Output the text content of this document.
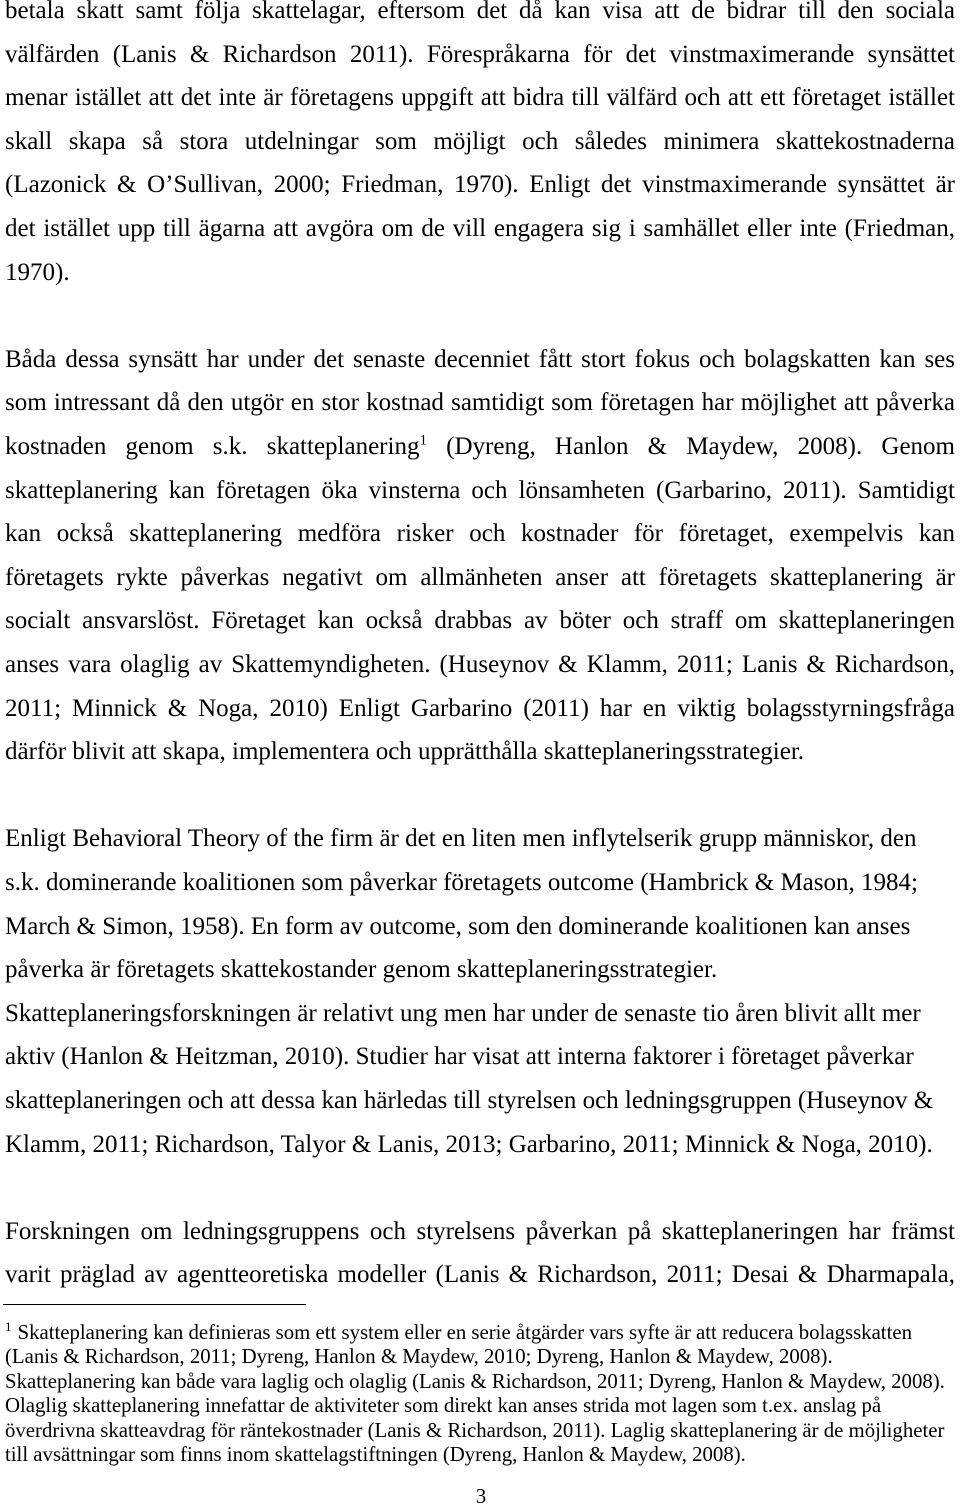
betala skatt samt följa skattelagar, eftersom det då kan visa att de bidrar till den sociala
välfärden (Lanis & Richardson 2011). Förespråkarna för det vinstmaximerande synsättet
menar istället att det inte är företagens uppgift att bidra till välfärd och att ett företaget istället
skall skapa så stora utdelningar som möjligt och således minimera skattekostnaderna
(Lazonick & O’Sullivan, 2000; Friedman, 1970). Enligt det vinstmaximerande synsättet är
det istället upp till ägarna att avgöra om de vill engagera sig i samhället eller inte (Friedman,
1970).
Båda dessa synsätt har under det senaste decenniet fått stort fokus och bolagskatten kan ses
som intressant då den utgör en stor kostnad samtidigt som företagen har möjlighet att påverka
kostnaden genom s.k. skatteplanering$^1$ (Dyreng, Hanlon & Maydew, 2008). Genom
skatteplanering kan företagen öka vinsterna och lönsamheten (Garbarino, 2011). Samtidigt
kan också skatteplanering medföra risker och kostnader för företaget, exempelvis kan
företagets rykte påverkas negativt om allmänheten anser att företagets skatteplanering är
socialt ansvarslöst. Företaget kan också drabbas av böter och straff om skatteplaneringen
anses vara olaglig av Skattemyndigheten. (Huseynov & Klamm, 2011; Lanis & Richardson,
2011; Minnick & Noga, 2010) Enligt Garbarino (2011) har en viktig bolagsstyrningsfråga
därför blivit att skapa, implementera och upprätthålla skatteplaneringsstrategier.
Enligt Behavioral Theory of the firm är det en liten men inflytelserik grupp människor, den
s.k. dominerande koalitionen som påverkar företagets outcome (Hambrick & Mason, 1984;
March & Simon, 1958). En form av outcome, som den dominerande koalitionen kan anses
påverka är företagets skattekostander genom skatteplaneringsstrategier.
Skatteplaneringsforskningen är relativt ung men har under de senaste tio åren blivit allt mer
aktiv (Hanlon & Heitzman, 2010). Studier har visat att interna faktorer i företaget påverkar
skatteplaneringen och att dessa kan härledas till styrelsen och ledningsgruppen (Huseynov &
Klamm, 2011; Richardson, Talyor & Lanis, 2013; Garbarino, 2011; Minnick & Noga, 2010).
Forskningen om ledningsgruppens och styrelsens påverkan på skatteplaneringen har främst
varit präglad av agentteoretiska modeller (Lanis & Richardson, 2011; Desai & Dharmapala,
$^1$ Skatteplanering kan definieras som ett system eller en serie åtgärder vars syfte är att reducera bolagsskatten
(Lanis & Richardson, 2011; Dyreng, Hanlon & Maydew, 2010; Dyreng, Hanlon & Maydew, 2008).
Skatteplanering kan både vara laglig och olaglig (Lanis & Richardson, 2011; Dyreng, Hanlon & Maydew, 2008).
Olaglig skatteplanering innefattar de aktiviteter som direkt kan anses strida mot lagen som t.ex. anslag på
överdrivna skatteavdrag för räntekostnader (Lanis & Richardson, 2011). Laglig skatteplanering är de möjligheter
till avsättningar som finns inom skattelagstiftningen (Dyreng, Hanlon & Maydew, 2008).
3
